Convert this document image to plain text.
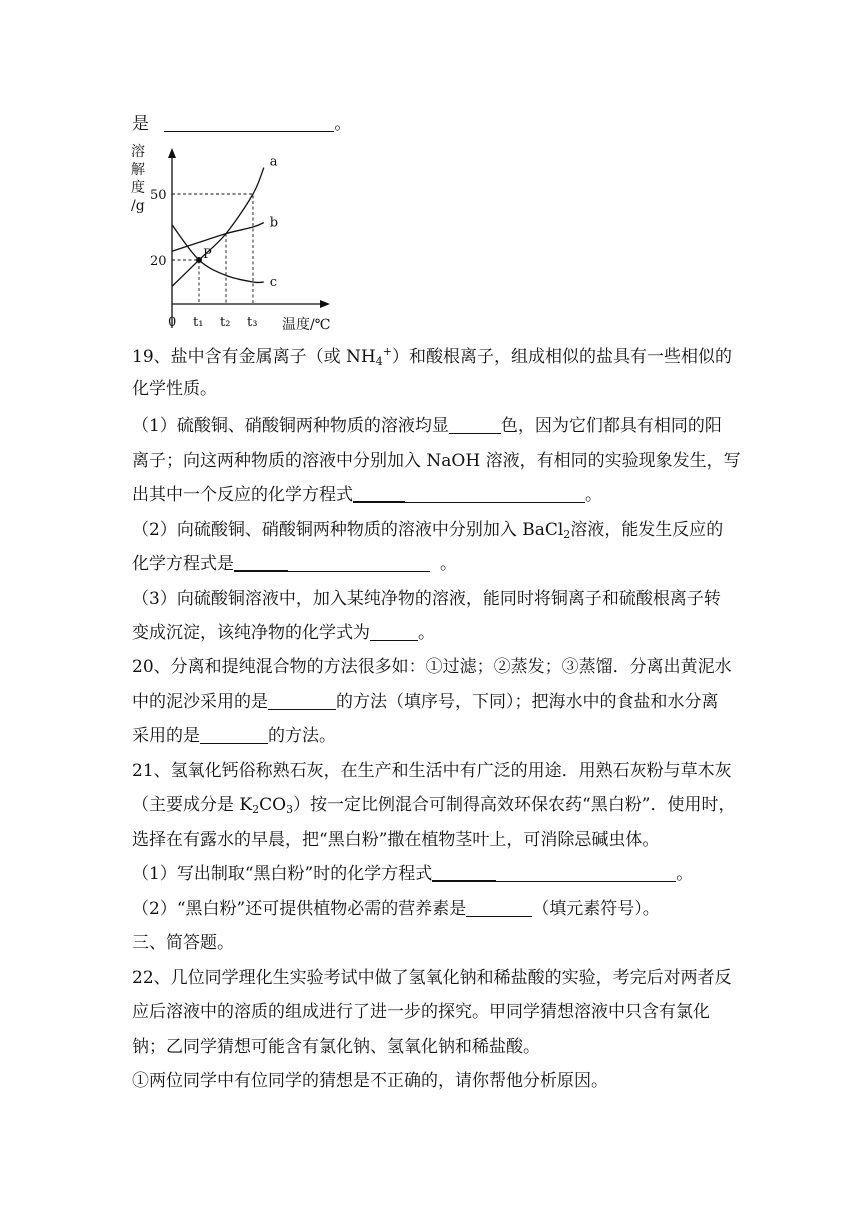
是	。
a
b
c
P
溶
解
度
/g
50
20
0 t₁ t₂ t₃ 温度/℃
19、盐中含有金属离子（或 $NH_4^+$）和酸根离子，组成相似的盐具有一些相似的
化学性质。
（1）硫酸铜、硝酸铜两种物质的溶液均显	色，因为它们都具有相同的阳
离子；向这两种物质的溶液中分别加入 NaOH 溶液，有相同的实验现象发生，写
出其中一个反应的化学方程式	。
（2）向硫酸铜、硝酸铜两种物质的溶液中分别加入 BaCl$_2$溶液，能发生反应的
化学方程式是	。
（3）向硫酸铜溶液中，加入某纯净物的溶液，能同时将铜离子和硫酸根离子转
变成沉淀，该纯净物的化学式为	。
20、分离和提纯混合物的方法很多如：①过滤；②蒸发；③蒸馏．分离出黄泥水
中的泥沙采用的是	的方法（填序号，下同）；把海水中的食盐和水分离
采用的是	的方法。
21、氢氧化钙俗称熟石灰，在生产和生活中有广泛的用途．用熟石灰粉与草木灰
（主要成分是 $K_2CO_3$）按一定比例混合可制得高效环保农药“黑白粉”．使用时，
选择在有露水的早晨，把“黑白粉”撒在植物茎叶上，可消除忌碱虫体。
（1）写出制取“黑白粉”时的化学方程式	。
（2）“黑白粉”还可提供植物必需的营养素是	（填元素符号）。
三、简答题。
22、几位同学理化生实验考试中做了氢氧化钠和稀盐酸的实验，考完后对两者反
应后溶液中的溶质的组成进行了进一步的探究。甲同学猜想溶液中只含有氯化
钠；乙同学猜想可能含有氯化钠、氢氧化钠和稀盐酸。
①两位同学中有位同学的猜想是不正确的，请你帮他分析原因。
